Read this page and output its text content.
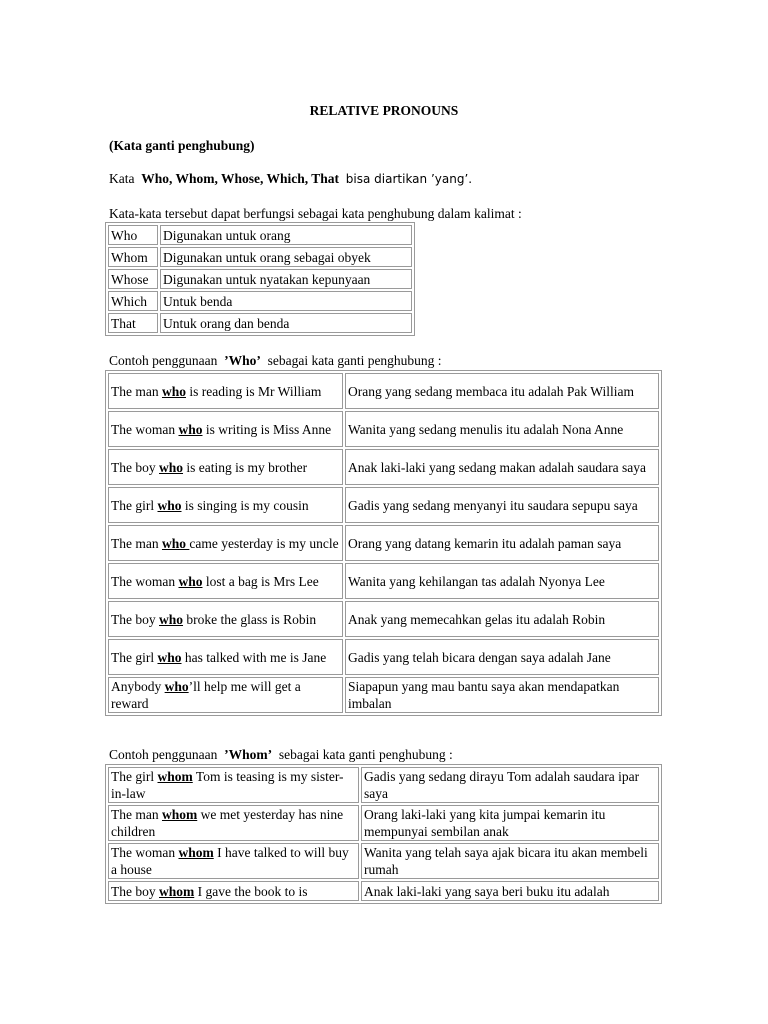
RELATIVE PRONOUNS

(Kata ganti penghubung)

Kata Who, Whom, Whose, Which, That bisa diartikan ’yang’.

Kata-kata tersebut dapat berfungsi sebagai kata penghubung dalam kalimat :

Who	Digunakan untuk orang
Whom	Digunakan untuk orang sebagai obyek
Whose	Digunakan untuk nyatakan kepunyaan
Which	Untuk benda
That	Untuk orang dan benda

Contoh penggunaan ’Who’ sebagai kata ganti penghubung :

The man who is reading is Mr William	Orang yang sedang membaca itu adalah Pak William
The woman who is writing is Miss Anne	Wanita yang sedang menulis itu adalah Nona Anne
The boy who is eating is my brother	Anak laki-laki yang sedang makan adalah saudara saya
The girl who is singing is my cousin	Gadis yang sedang menyanyi itu saudara sepupu saya
The man who came yesterday is my uncle	Orang yang datang kemarin itu adalah paman saya
The woman who lost a bag is Mrs Lee	Wanita yang kehilangan tas adalah Nyonya Lee
The boy who broke the glass is Robin	Anak yang memecahkan gelas itu adalah Robin
The girl who has talked with me is Jane	Gadis yang telah bicara dengan saya adalah Jane
Anybody who’ll help me will get a reward	Siapapun yang mau bantu saya akan mendapatkan imbalan

Contoh penggunaan ’Whom’ sebagai kata ganti penghubung :

The girl whom Tom is teasing is my sister-in-law	Gadis yang sedang dirayu Tom adalah saudara ipar saya
The man whom we met yesterday has nine children	Orang laki-laki yang kita jumpai kemarin itu mempunyai sembilan anak
The woman whom I have talked to will buy a house	Wanita yang telah saya ajak bicara itu akan membeli rumah
The boy whom I gave the book to is	Anak laki-laki yang saya beri buku itu adalah
